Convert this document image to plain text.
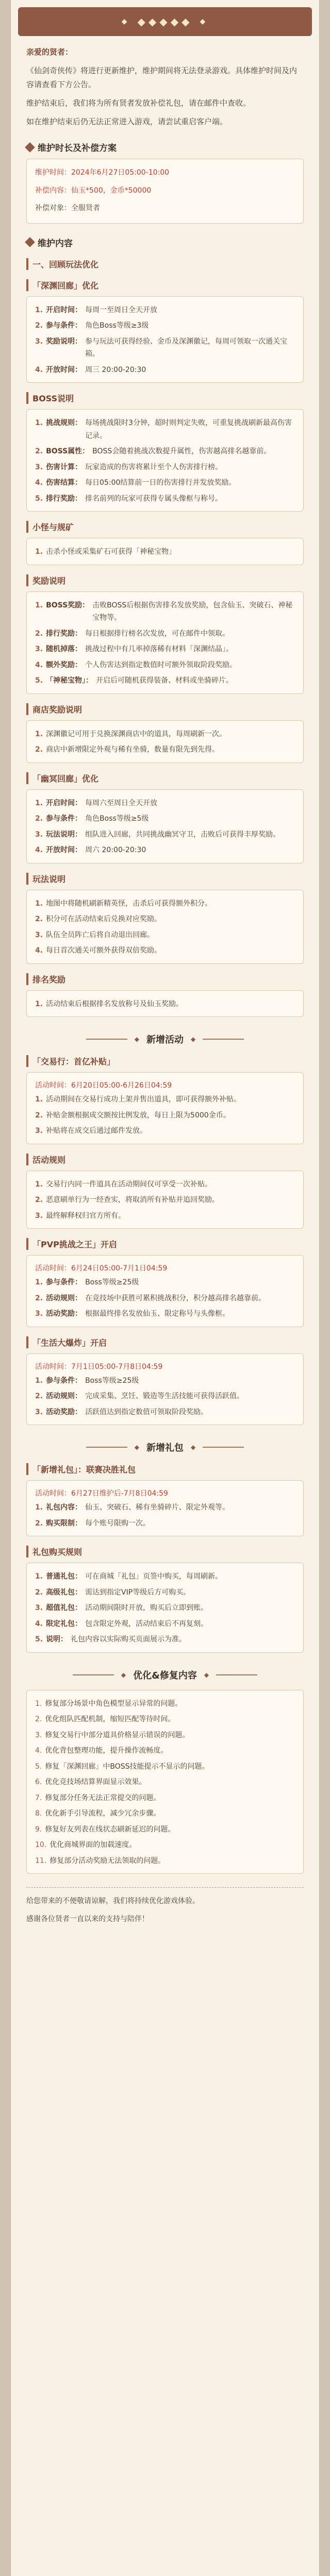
◆ ◆◆◆◆◆ ◆

亲爱的贤者：

《仙剑奇侠传》将进行更新维护，维护期间将无法登录游戏。具体维护时间及内容请查看下方公告。

维护结束后，我们将为所有贤者发放补偿礼包，请在邮件中查收。

如在维护结束后仍无法正常进入游戏，请尝试重启客户端。

维护时长及补偿方案

维护时间：2024年6月27日05:00-10:00

补偿内容：仙玉*500，金币*50000

补偿对象：全服贤者

维护内容
一、回顾玩法优化
「深渊回廊」优化
1. 开启时间： 每周一至周日全天开放
2. 参与条件： 角色Boss等级≥3级
3. 奖励说明： 参与玩法可获得经验、金币及深渊徽记，每周可领取一次通关宝箱。
4. 开放时间： 周三 20:00-20:30
BOSS说明
1. 挑战规则： 每场挑战限时3分钟，超时则判定失败，可重复挑战刷新最高伤害记录。
2. BOSS属性： BOSS会随着挑战次数提升属性，伤害越高排名越靠前。
3. 伤害计算： 玩家造成的伤害将累计至个人伤害排行榜。
4. 伤害结算： 每日05:00结算前一日的伤害排行并发放奖励。
5. 排行奖励： 排名前列的玩家可获得专属头像框与称号。
小怪与规矿
1. 击杀小怪或采集矿石可获得「神秘宝物」
奖励说明
1. BOSS奖励： 击败BOSS后根据伤害排名发放奖励，包含仙玉、突破石、神秘宝物等。
2. 排行奖励： 每日根据排行榜名次发放，可在邮件中领取。
3. 随机掉落： 挑战过程中有几率掉落稀有材料「深渊结晶」。
4. 额外奖励： 个人伤害达到指定数值时可额外领取阶段奖励。
5. 「神秘宝物」： 开启后可随机获得装备、材料或坐骑碎片。
商店奖励说明
1. 深渊徽记可用于兑换深渊商店中的道具，每周刷新一次。
2. 商店中新增限定外观与稀有坐骑，数量有限先到先得。
「幽冥回廊」优化
1. 开启时间： 每周六至周日全天开放
2. 参与条件： 角色Boss等级≥5级
3. 玩法说明： 组队进入回廊，共同挑战幽冥守卫，击败后可获得丰厚奖励。
4. 开放时间： 周六 20:00-20:30
玩法说明
1. 地图中将随机刷新精英怪，击杀后可获得额外积分。
2. 积分可在活动结束后兑换对应奖励。
3. 队伍全员阵亡后将自动退出回廊。
4. 每日首次通关可额外获得双倍奖励。
排名奖励
1. 活动结束后根据排名发放称号及仙玉奖励。
◆ 新增活动 ◆
「交易行：首亿补贴」
活动时间：6月20日05:00-6月26日04:59
1. 活动期间在交易行成功上架并售出道具，即可获得额外补贴。
2. 补贴金额根据成交额按比例发放，每日上限为5000金币。
3. 补贴将在成交后通过邮件发放。
活动规则
1. 交易行内同一件道具在活动期间仅可享受一次补贴。
2. 恶意刷单行为一经查实，将取消所有补贴并追回奖励。
3. 最终解释权归官方所有。
「PVP挑战之王」开启
活动时间：6月24日05:00-7月1日04:59
1. 参与条件： Boss等级≥25级
2. 活动规则： 在竞技场中获胜可累积挑战积分，积分越高排名越靠前。
3. 活动奖励： 根据最终排名发放仙玉、限定称号与头像框。
「生活大爆炸」开启
活动时间：7月1日05:00-7月8日04:59
1. 参与条件： Boss等级≥25级
2. 活动规则： 完成采集、烹饪、锻造等生活技能可获得活跃值。
3. 活动奖励： 活跃值达到指定数值可领取阶段奖励。
◆ 新增礼包 ◆
「新增礼包」：联赛决胜礼包
活动时间：6月27日维护后-7月8日04:59
1. 礼包内容： 仙玉、突破石、稀有坐骑碎片、限定外观等。
2. 购买限制： 每个账号限购一次。
礼包购买规则
1. 普通礼包： 可在商城「礼包」页签中购买，每周刷新。
2. 高级礼包： 需达到指定VIP等级后方可购买。
3. 超值礼包： 活动期间限时开放，购买后立即到账。
4. 限定礼包： 包含限定外观，活动结束后不再复刻。
5. 说明： 礼包内容以实际购买页面展示为准。
◆ 优化&修复内容 ◆
1. 修复部分场景中角色模型显示异常的问题。
2. 优化组队匹配机制，缩短匹配等待时间。
3. 修复交易行中部分道具价格显示错误的问题。
4. 优化背包整理功能，提升操作流畅度。
5. 修复「深渊回廊」中BOSS技能提示不显示的问题。
6. 优化竞技场结算界面显示效果。
7. 修复部分任务无法正常提交的问题。
8. 优化新手引导流程，减少冗余步骤。
9. 修复好友列表在线状态刷新延迟的问题。
10. 优化商城界面的加载速度。
11. 修复部分活动奖励无法领取的问题。

给您带来的不便敬请谅解，我们将持续优化游戏体验。

感谢各位贤者一直以来的支持与陪伴！
